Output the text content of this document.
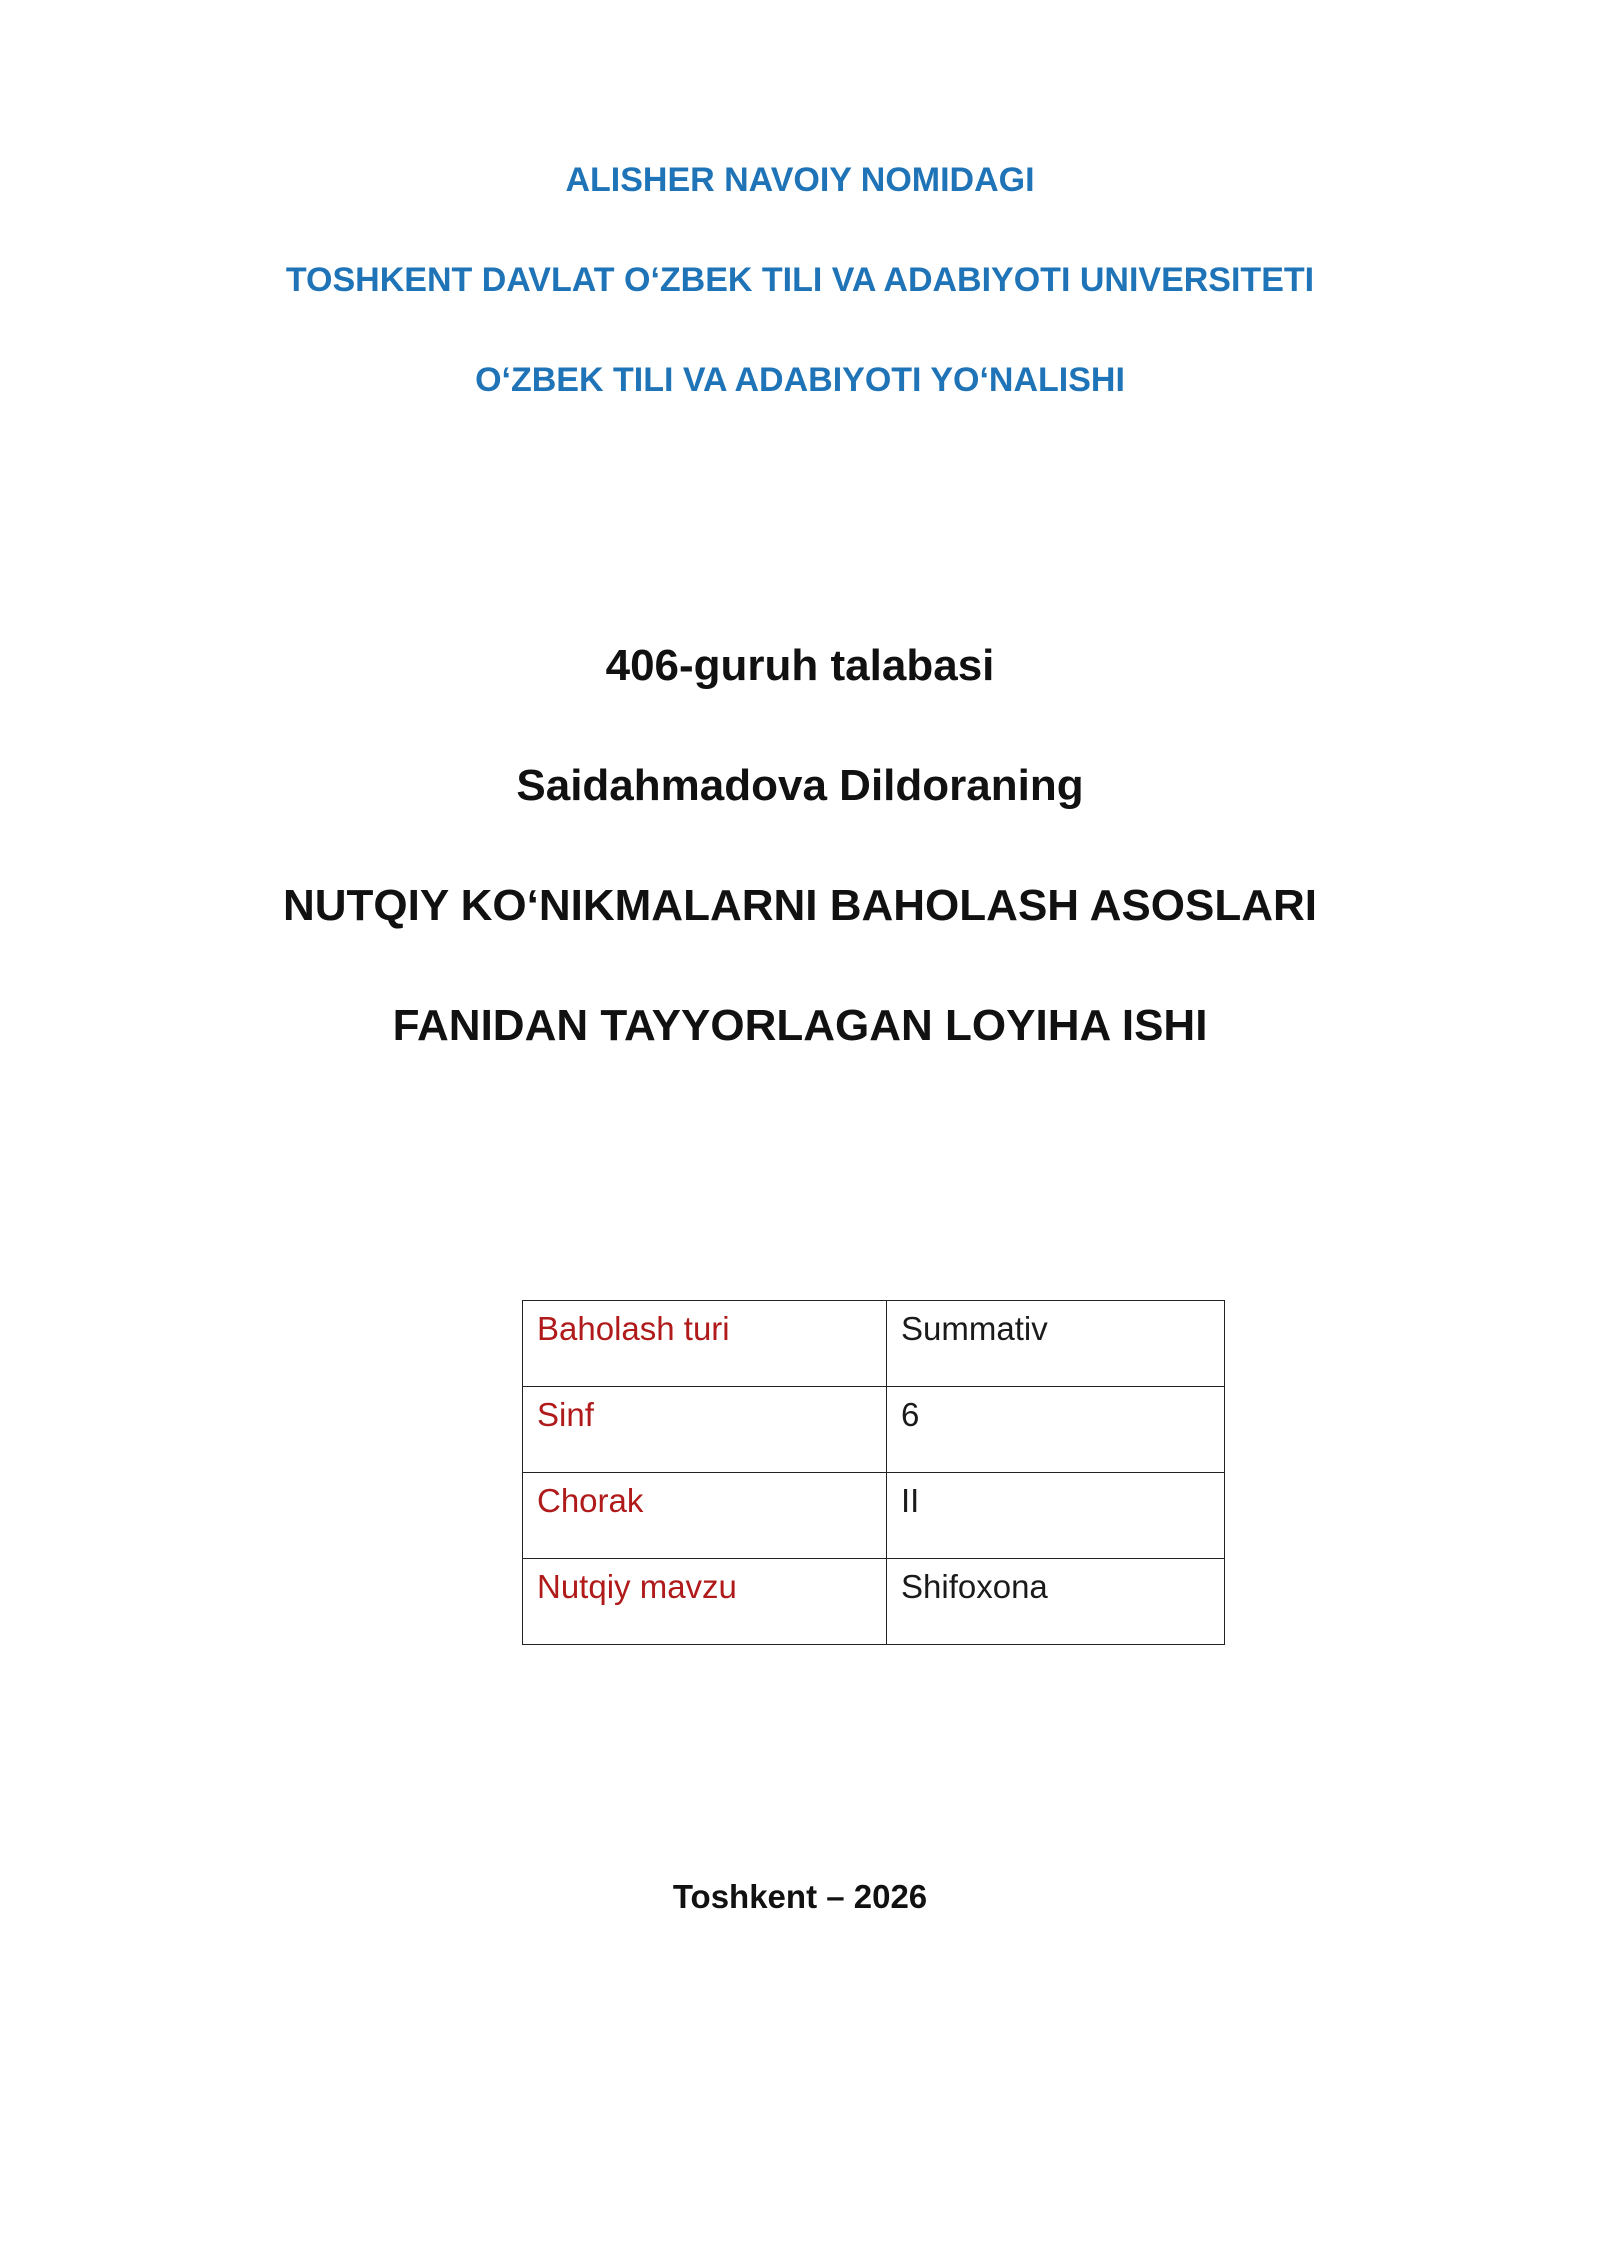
ALISHER NAVOIY NOMIDAGI
TOSHKENT DAVLAT O‘ZBEK TILI VA ADABIYOTI UNIVERSITETI
O‘ZBEK TILI VA ADABIYOTI YO‘NALISHI
406-guruh talabasi
Saidahmadova Dildoraning
NUTQIY KO‘NIKMALARNI BAHOLASH ASOSLARI
FANIDAN TAYYORLAGAN LOYIHA ISHI
Baholash turi	Summativ
Sinf	6
Chorak	II
Nutqiy mavzu	Shifoxona
Toshkent – 2026
